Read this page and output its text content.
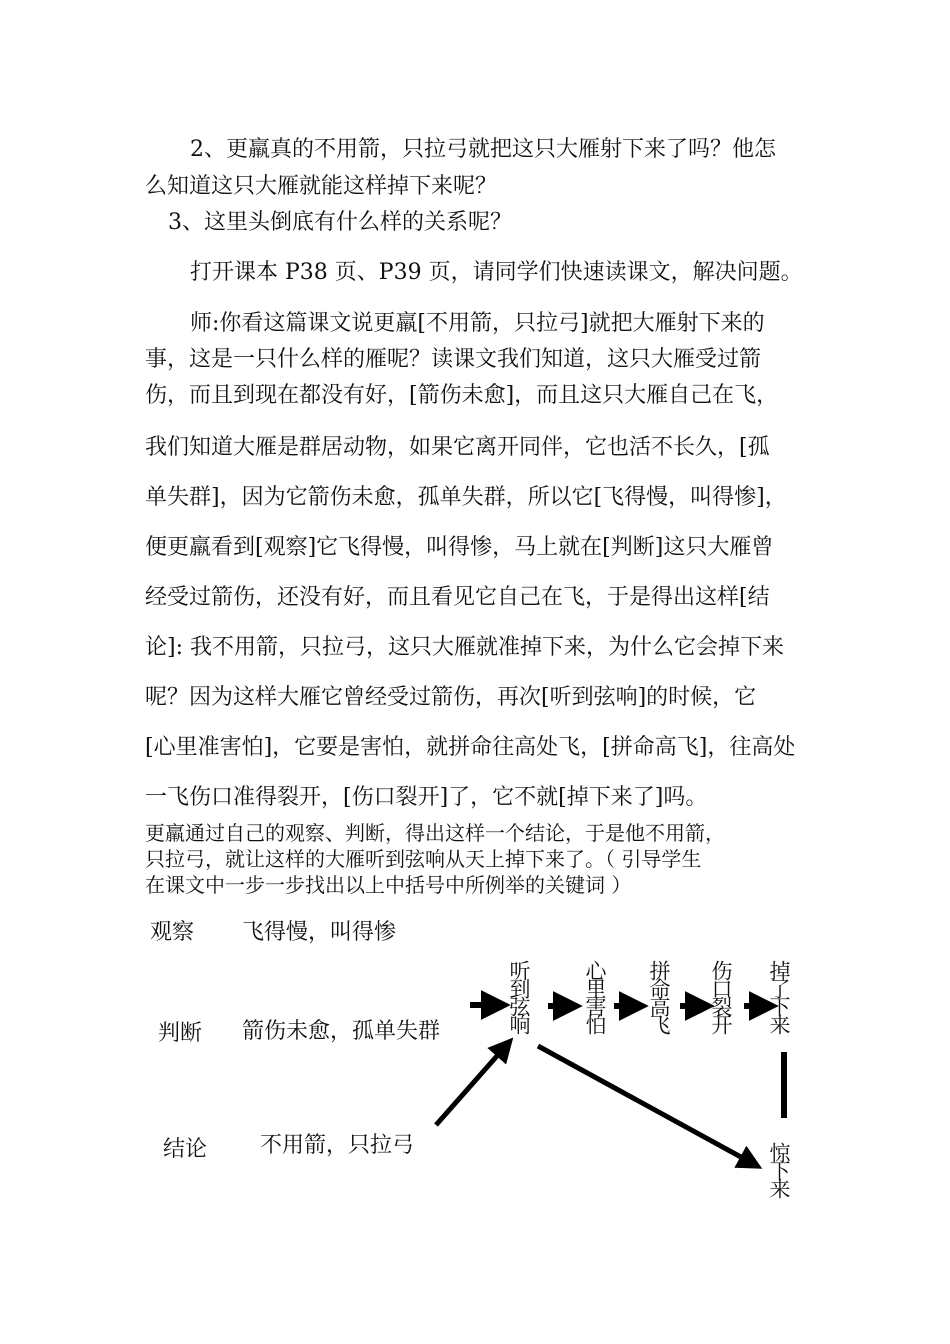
2、更羸真的不用箭，只拉弓就把这只大雁射下来了吗？他怎
么知道这只大雁就能这样掉下来呢？
3、这里头倒底有什么样的关系呢？
打开课本 P38 页、P39 页，请同学们快速读课文，解决问题。
师:你看这篇课文说更羸[不用箭，只拉弓]就把大雁射下来的
事，这是一只什么样的雁呢？读课文我们知道，这只大雁受过箭
伤，而且到现在都没有好，[箭伤未愈]，而且这只大雁自己在飞，
我们知道大雁是群居动物，如果它离开同伴，它也活不长久，[孤
单失群]，因为它箭伤未愈，孤单失群，所以它[飞得慢，叫得惨]，
便更羸看到[观察]它飞得慢，叫得惨，马上就在[判断]这只大雁曾
经受过箭伤，还没有好，而且看见它自己在飞，于是得出这样[结
论]: 我不用箭，只拉弓，这只大雁就准掉下来，为什么它会掉下来
呢？因为这样大雁它曾经受过箭伤，再次[听到弦响]的时候，它
[心里准害怕]，它要是害怕，就拼命往高处飞，[拼命高飞]，往高处
一飞伤口准得裂开，[伤口裂开]了，它不就[掉下来了]吗。
更羸通过自己的观察、判断，得出这样一个结论，于是他不用箭，
只拉弓，就让这样的大雁听到弦响从天上掉下来了。（ 引导学生
在课文中一步一步找出以上中括号中所例举的关键词 ）
观察 飞得慢，叫得惨
判断 箭伤未愈，孤单失群
结论 不用箭，只拉弓
听到弦响 心里害怕 拼命高飞 伤口裂开 掉了下来
惊下来
